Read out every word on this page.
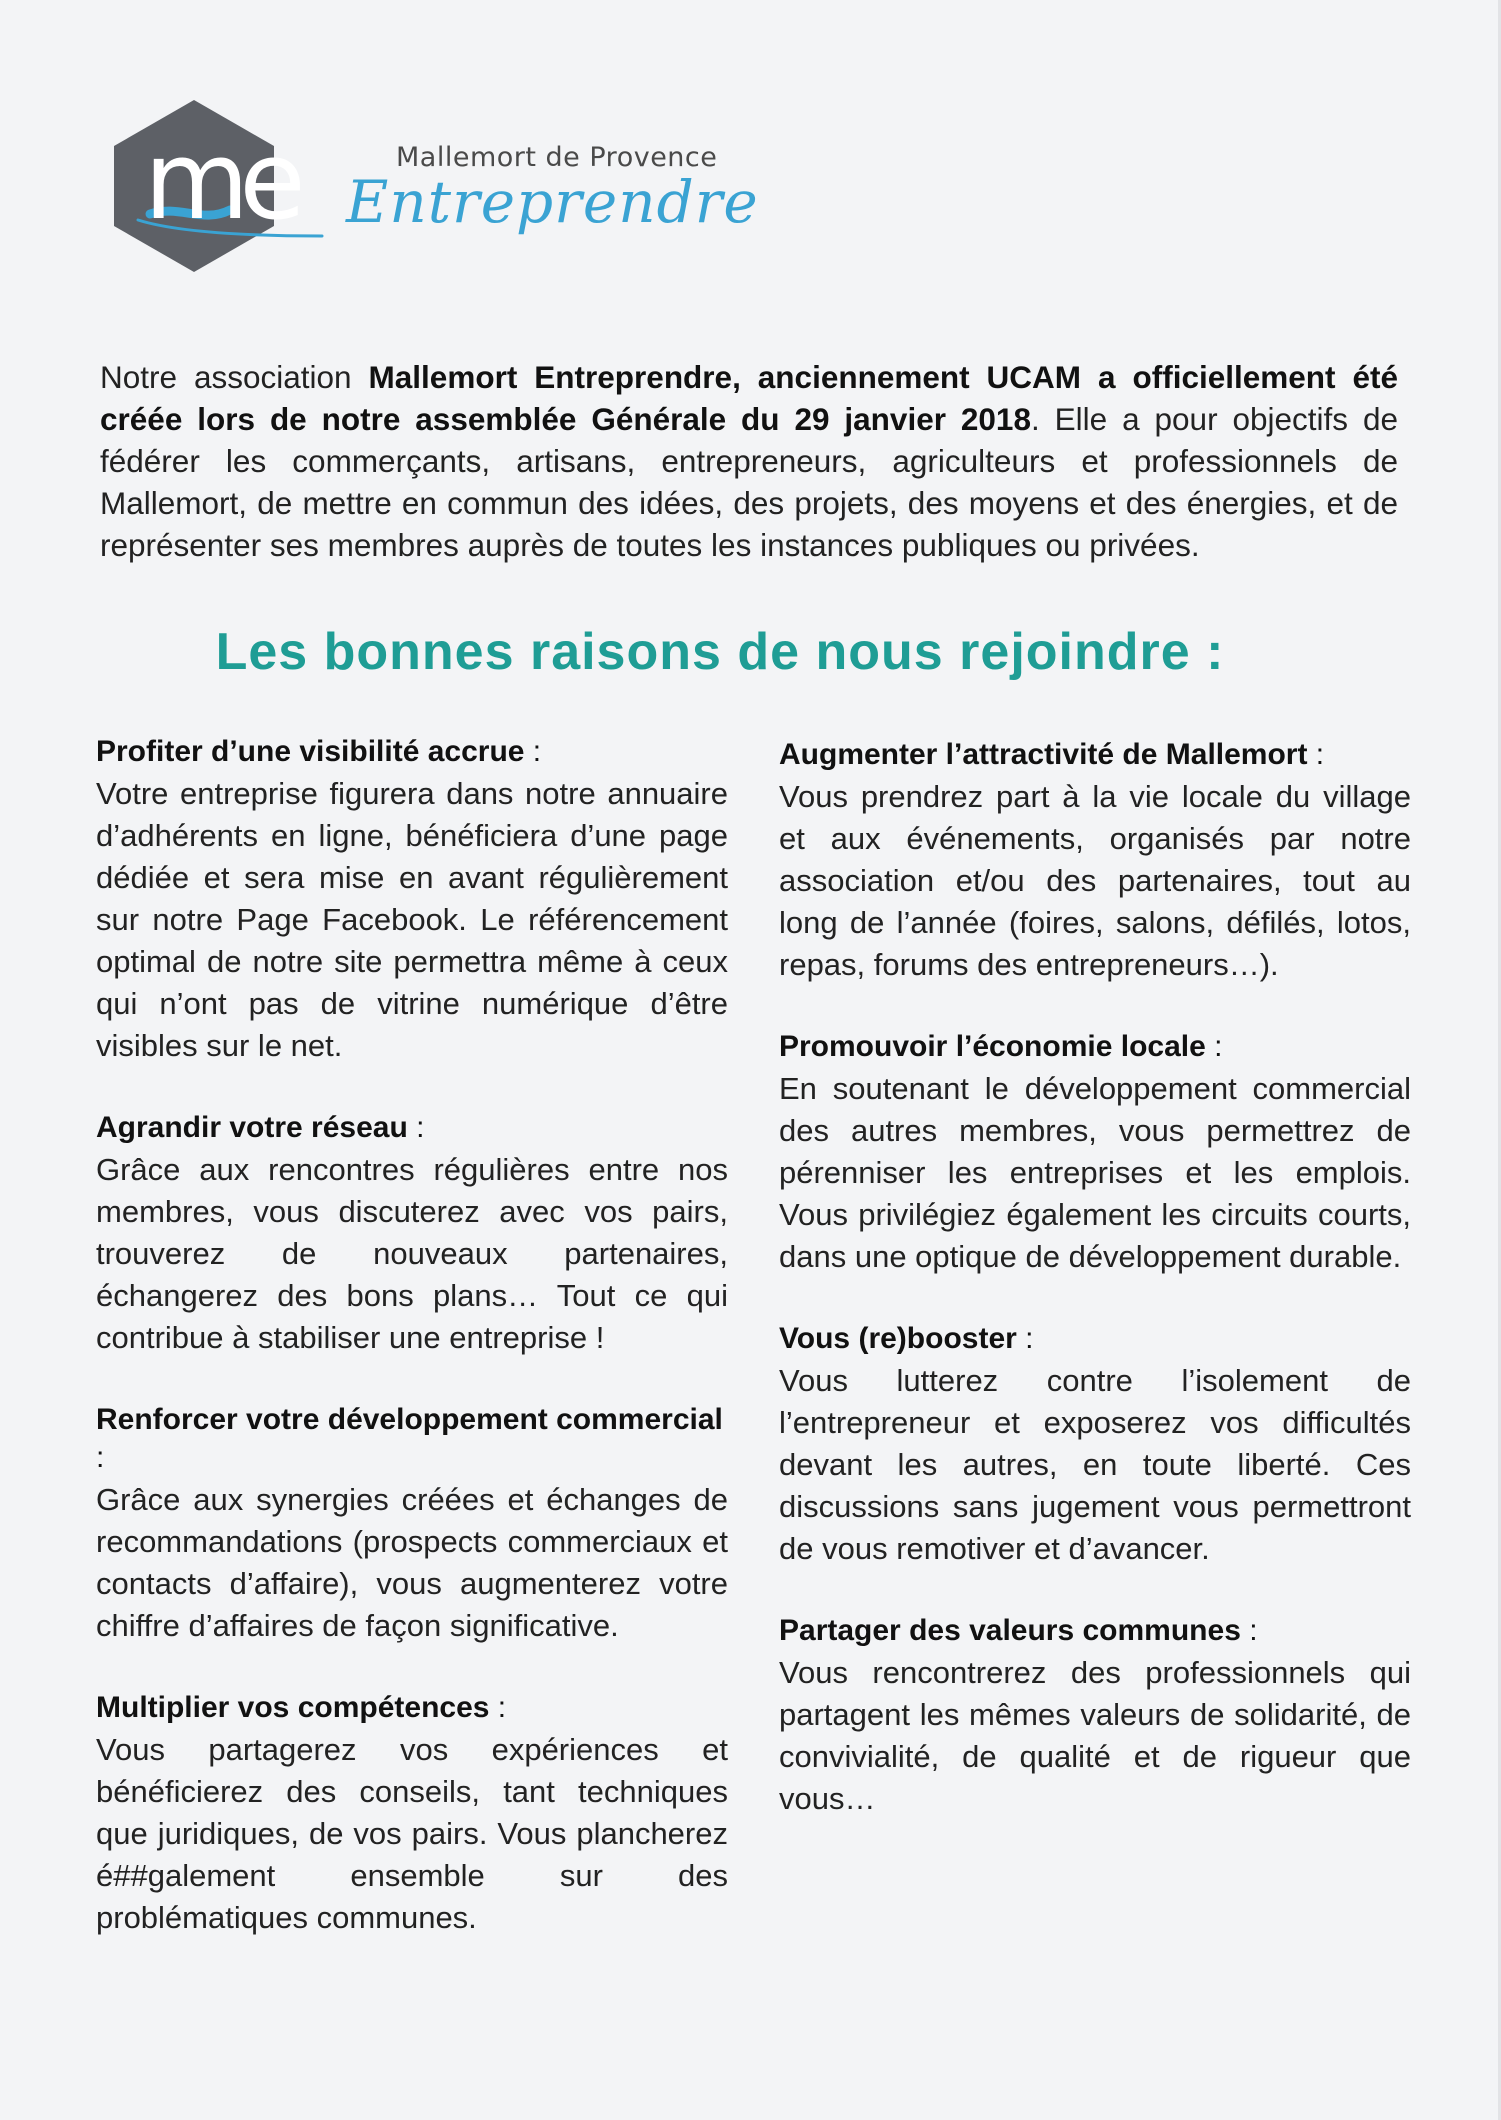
me	Mallemort de Provence
Entreprendre

Notre association Mallemort Entreprendre, anciennement UCAM a officiellement été créée lors de notre assemblée Générale du 29 janvier 2018. Elle a pour objectifs de fédérer les commerçants, artisans, entrepreneurs, agriculteurs et professionnels de Mallemort, de mettre en commun des idées, des projets, des moyens et des énergies, et de représenter ses membres auprès de toutes les instances publiques ou privées.

Les bonnes raisons de nous rejoindre :

Profiter d’une visibilité accrue :

Votre entreprise figurera dans notre annuaire d’adhérents en ligne, bénéficiera d’une page dédiée et sera mise en avant régulièrement sur notre Page Facebook. Le référencement optimal de notre site permettra même à ceux qui n’ont pas de vitrine numérique d’être visibles sur le net.

Agrandir votre réseau :

Grâce aux rencontres régulières entre nos membres, vous discuterez avec vos pairs, trouverez de nouveaux partenaires, échangerez des bons plans… Tout ce qui contribue à stabiliser une entreprise !

Renforcer votre développement commercial :

Grâce aux synergies créées et échanges de recommandations (prospects commerciaux et contacts d’affaire), vous augmenterez votre chiffre d’affaires de façon significative.

Multiplier vos compétences :

Vous partagerez vos expériences et bénéficierez des conseils, tant techniques que juridiques, de vos pairs. Vous plancherez é##galement ensemble sur des problématiques communes.

Augmenter l’attractivité de Mallemort :

Vous prendrez part à la vie locale du village et aux événements, organisés par notre association et/ou des partenaires, tout au long de l’année (foires, salons, défilés, lotos, repas, forums des entrepreneurs…).

Promouvoir l’économie locale :

En soutenant le développement commercial des autres membres, vous permettrez de pérenniser les entreprises et les emplois. Vous privilégiez également les circuits courts, dans une optique de développement durable.

Vous (re)booster :

Vous lutterez contre l’isolement de l’entrepreneur et exposerez vos difficultés devant les autres, en toute liberté. Ces discussions sans jugement vous permettront de vous remotiver et d’avancer.

Partager des valeurs communes :

Vous rencontrerez des professionnels qui partagent les mêmes valeurs de solidarité, de convivialité, de qualité et de rigueur que vous…
